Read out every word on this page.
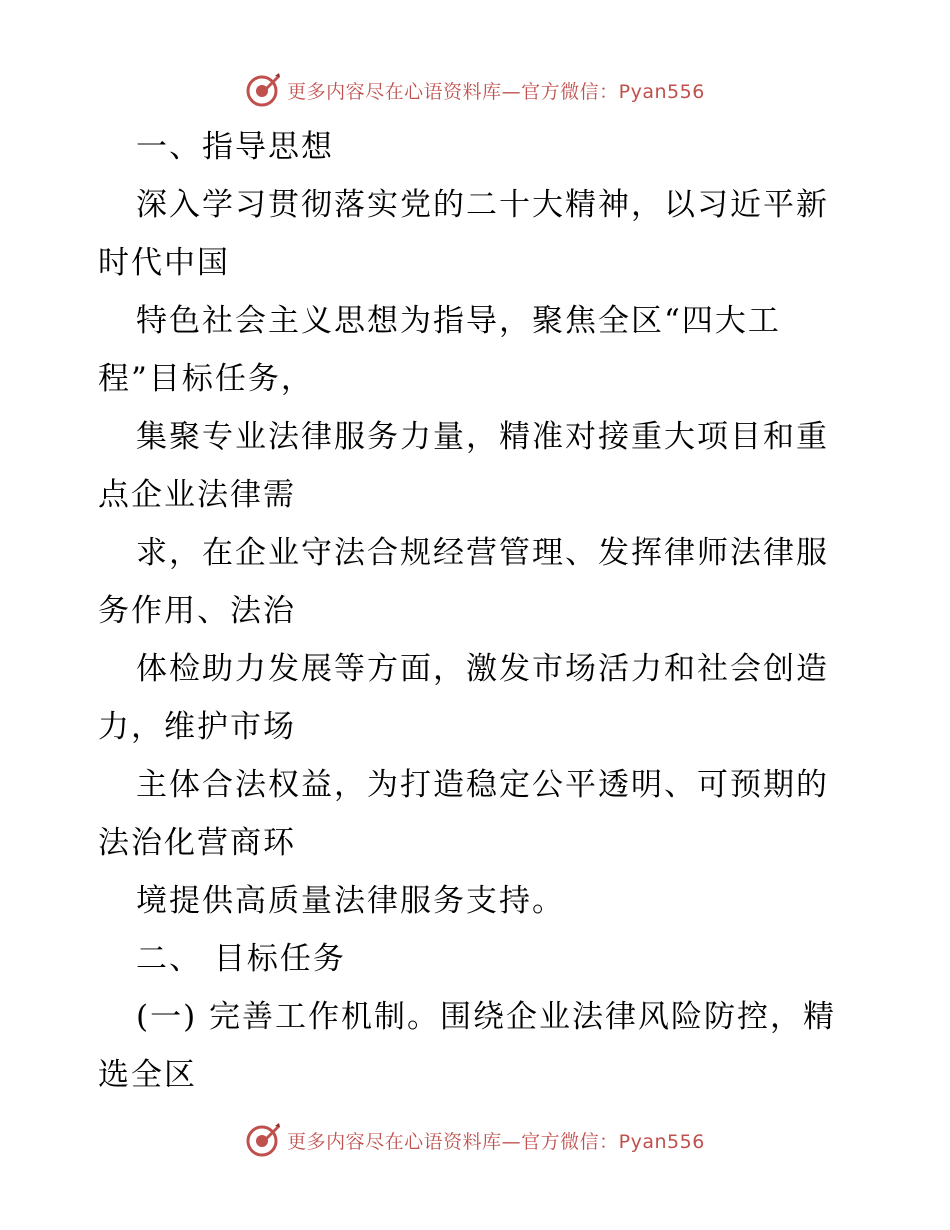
更多内容尽在心语资料库—官方微信：Pyan556
一、指导思想
深入学习贯彻落实党的二十大精神，以习近平新
时代中国
特色社会主义思想为指导，聚焦全区“四大工
程”目标任务，
集聚专业法律服务力量，精准对接重大项目和重
点企业法律需
求，在企业守法合规经营管理、发挥律师法律服
务作用、法治
体检助力发展等方面，激发市场活力和社会创造
力，维护市场
主体合法权益，为打造稳定公平透明、可预期的
法治化营商环
境提供高质量法律服务支持。
二、 目标任务
(一) 完善工作机制。围绕企业法律风险防控，精
选全区
更多内容尽在心语资料库—官方微信：Pyan556
